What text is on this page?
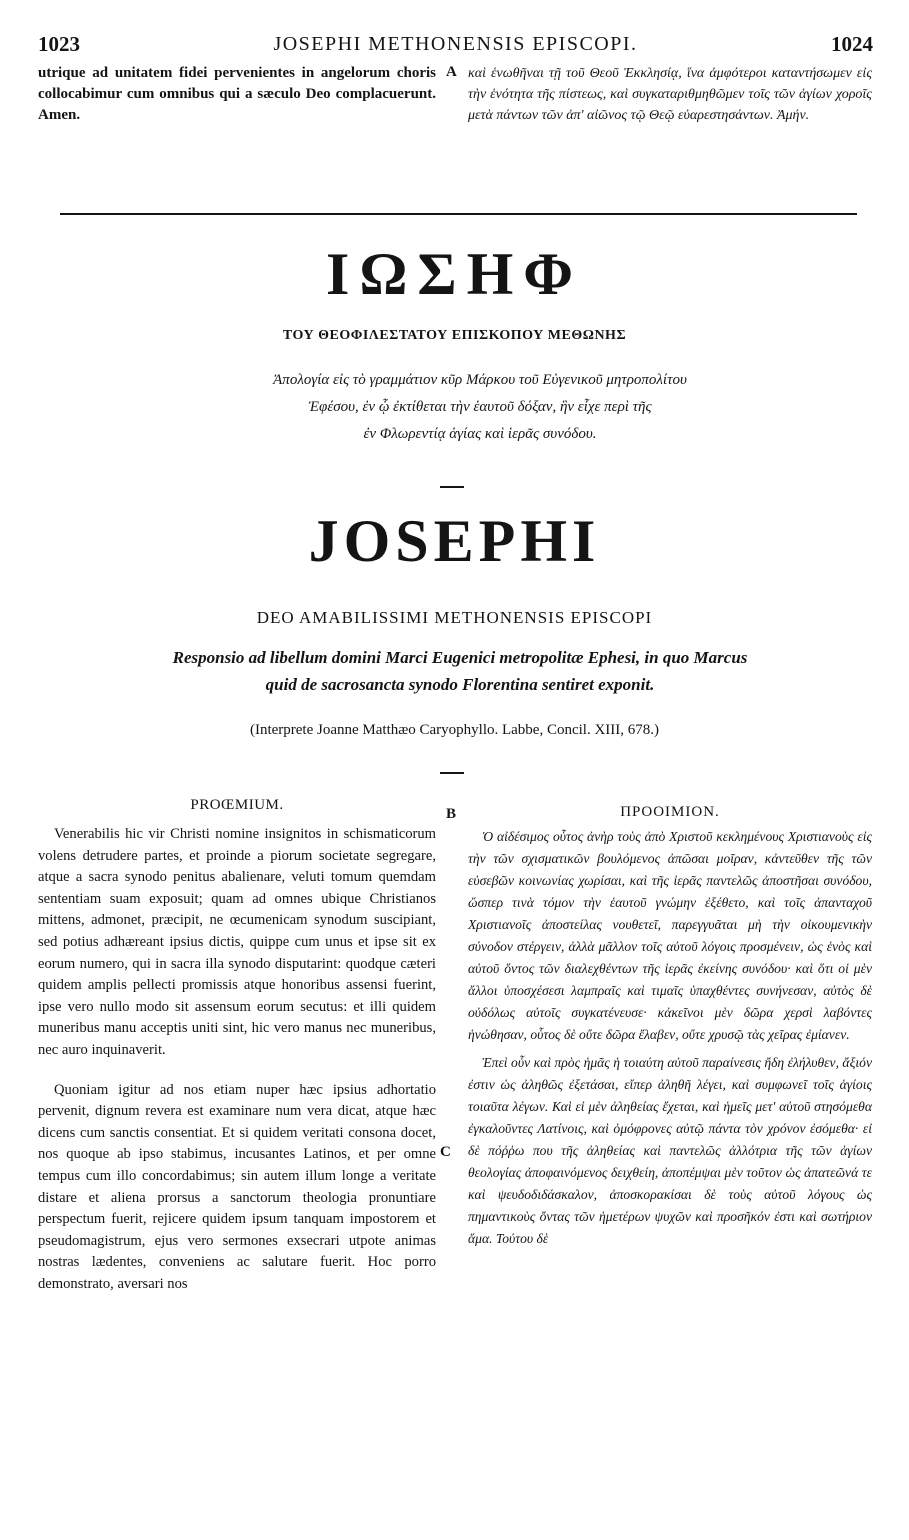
1023	JOSEPHI METHONENSIS EPISCOPI.	1024

utrique ad unitatem fidei pervenientes in angelorum choris collocabimur cum omnibus qui a sæculo Deo complacuerunt. Amen.

A καὶ ἑνωθῆναι τῇ τοῦ Θεοῦ Ἐκκλησίᾳ, ἵνα ἀμφότεροι καταντήσωμεν εἰς τὴν ἑνότητα τῆς πίστεως, καὶ συγκαταριθμηθῶμεν τοῖς τῶν ἁγίων χοροῖς μετὰ πάντων τῶν ἀπ' αἰῶνος τῷ Θεῷ εὐαρεστησάντων. Ἀμήν.

ΙΩΣΗΦ
ΤΟΥ ΘΕΟΦΙΛΕΣΤΑΤΟΥ ΕΠΙΣΚΟΠΟΥ ΜΕΘΩΝΗΣ
Ἀπολογία εἰς τὸ γραμμάτιον κῦρ Μάρκου τοῦ Εὐγενικοῦ μητροπολίτου
Ἐφέσου, ἐν ᾧ ἐκτίθεται τὴν ἑαυτοῦ δόξαν, ἣν εἶχε περὶ τῆς
ἐν Φλωρεντίᾳ ἁγίας καὶ ἱερᾶς συνόδου.
JOSEPHI
DEO AMABILISSIMI METHONENSIS EPISCOPI
Responsio ad libellum domini Marci Eugenici metropolitæ Ephesi, in quo Marcus
quid de sacrosancta synodo Florentina sentiret exponit.
(Interprete Joanne Matthæo Caryophyllo. Labbe, Concil. XIII, 678.)
PROŒMIUM.
B	ΠΡΟΟΙΜΙΟΝ.

Venerabilis hic vir Christi nomine insignitos in schismaticorum volens detrudere partes, et proinde a piorum societate segregare, atque a sacra synodo penitus abalienare, veluti tomum quemdam sententiam suam exposuit; quam ad omnes ubique Christianos mittens, admonet, præcipit, ne œcumenicam synodum suscipiant, sed potius adhæreant ipsius dictis, quippe cum unus et ipse sit ex eorum numero, qui in sacra illa synodo disputarint: quodque cæteri quidem amplis pellecti promissis atque honoribus assensi fuerint, ipse vero nullo modo sit assensum eorum secutus: et illi quidem muneribus manu acceptis uniti sint, hic vero manus nec muneribus, nec auro inquinaverit.

Quoniam igitur ad nos etiam nuper hæc ipsius adhortatio pervenit, dignum revera est examinare num vera dicat, atque hæc dicens cum sanctis consentiat. Et si quidem veritati consona docet, nos quoque ab ipso stabimus, incusantes Latinos, et per omne tempus cum illo concordabimus; sin autem illum longe a veritate distare et aliena prorsus a sanctorum theologia pronuntiare perspectum fuerit, rejicere quidem ipsum tanquam impostorem et pseudomagistrum, ejus vero sermones exsecrari utpote animas nostras lædentes, conveniens ac salutare fuerit. Hoc porro demonstrato, aversari nos

C

Ὁ αἰδέσιμος οὗτος ἀνὴρ τοὺς ἀπὸ Χριστοῦ κεκλημένους Χριστιανοὺς εἰς τὴν τῶν σχισματικῶν βουλόμενος ἀπῶσαι μοῖραν, κἀντεῦθεν τῆς τῶν εὐσεβῶν κοινωνίας χωρίσαι, καὶ τῆς ἱερᾶς παντελῶς ἀποστῆσαι συνόδου, ὥσπερ τινὰ τόμον τὴν ἑαυτοῦ γνώμην ἐξέθετο, καὶ τοῖς ἁπανταχοῦ Χριστιανοῖς ἀποστείλας νουθετεῖ, παρεγγυᾶται μὴ τὴν οἰκουμενικὴν σύνοδον στέργειν, ἀλλὰ μᾶλλον τοῖς αὐτοῦ λόγοις προσμένειν, ὡς ἑνὸς καὶ αὐτοῦ ὄντος τῶν διαλεχθέντων τῆς ἱερᾶς ἐκείνης συνόδου· καὶ ὅτι οἱ μὲν ἄλλοι ὑποσχέσεσι λαμπραῖς καὶ τιμαῖς ὑπαχθέντες συνήνεσαν, αὐτὸς δὲ οὐδόλως αὐτοῖς συγκατένευσε· κἀκεῖνοι μὲν δῶρα χερσὶ λαβόντες ἡνώθησαν, οὗτος δὲ οὔτε δῶρα ἔλαβεν, οὔτε χρυσῷ τὰς χεῖρας ἐμίανεν.

Ἐπεὶ οὖν καὶ πρὸς ἡμᾶς ἡ τοιαύτη αὐτοῦ παραίνεσις ἤδη ἐλήλυθεν, ἄξιόν ἐστιν ὡς ἀληθῶς ἐξετάσαι, εἴπερ ἀληθῆ λέγει, καὶ συμφωνεῖ τοῖς ἁγίοις τοιαῦτα λέγων. Καὶ εἰ μὲν ἀληθείας ἔχεται, καὶ ἡμεῖς μετ' αὐτοῦ στησόμεθα ἐγκαλοῦντες Λατίνοις, καὶ ὁμόφρονες αὐτῷ πάντα τὸν χρόνον ἐσόμεθα· εἰ δὲ πόῤῥω που τῆς ἀληθείας καὶ παντελῶς ἀλλότρια τῆς τῶν ἁγίων θεολογίας ἀποφαινόμενος δειχθείη, ἀποπέμψαι μὲν τοῦτον ὡς ἀπατεῶνά τε καὶ ψευδοδιδάσκαλον, ἀποσκορακίσαι δὲ τοὺς αὐτοῦ λόγους ὡς πημαντικοὺς ὄντας τῶν ἡμετέρων ψυχῶν καὶ προσῆκόν ἐστι καὶ σωτήριον ἅμα. Τούτου δὲ
